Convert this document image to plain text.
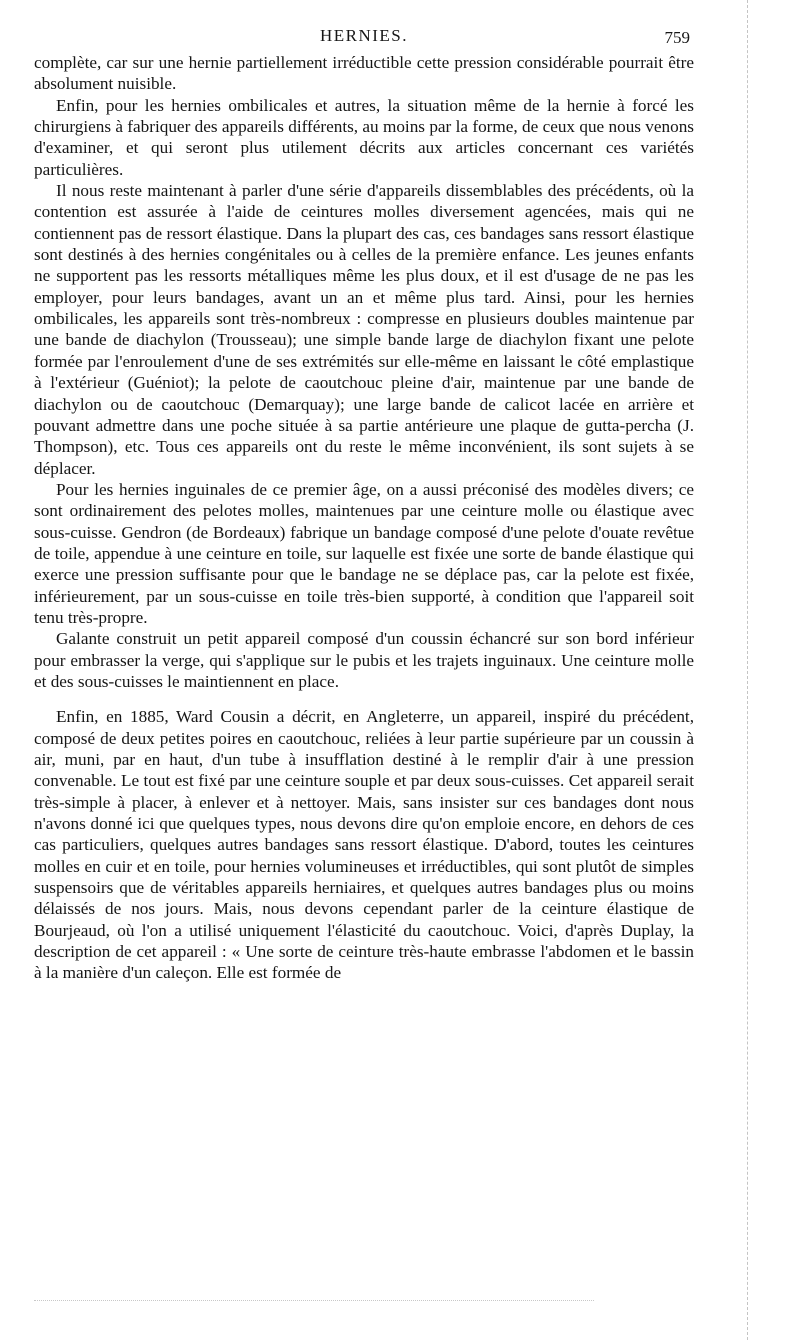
HERNIES.	759

complète, car sur une hernie partiellement irréductible cette pression considérable pourrait être absolument nuisible.

Enfin, pour les hernies ombilicales et autres, la situation même de la hernie à forcé les chirurgiens à fabriquer des appareils différents, au moins par la forme, de ceux que nous venons d'examiner, et qui seront plus utilement décrits aux articles concernant ces variétés particulières.

Il nous reste maintenant à parler d'une série d'appareils dissemblables des précédents, où la contention est assurée à l'aide de ceintures molles diversement agencées, mais qui ne contiennent pas de ressort élastique. Dans la plupart des cas, ces bandages sans ressort élastique sont destinés à des hernies congénitales ou à celles de la première enfance. Les jeunes enfants ne supportent pas les ressorts métalliques même les plus doux, et il est d'usage de ne pas les employer, pour leurs bandages, avant un an et même plus tard. Ainsi, pour les hernies ombilicales, les appareils sont très-nombreux : compresse en plusieurs doubles maintenue par une bande de diachylon (Trousseau); une simple bande large de diachylon fixant une pelote formée par l'enroulement d'une de ses extrémités sur elle-même en laissant le côté emplastique à l'extérieur (Guéniot); la pelote de caoutchouc pleine d'air, maintenue par une bande de diachylon ou de caoutchouc (Demarquay); une large bande de calicot lacée en arrière et pouvant admettre dans une poche située à sa partie antérieure une plaque de gutta-percha (J. Thompson), etc. Tous ces appareils ont du reste le même inconvénient, ils sont sujets à se déplacer.

Pour les hernies inguinales de ce premier âge, on a aussi préconisé des modèles divers; ce sont ordinairement des pelotes molles, maintenues par une ceinture molle ou élastique avec sous-cuisse. Gendron (de Bordeaux) fabrique un bandage composé d'une pelote d'ouate revêtue de toile, appendue à une ceinture en toile, sur laquelle est fixée une sorte de bande élastique qui exerce une pression suffisante pour que le bandage ne se déplace pas, car la pelote est fixée, inférieurement, par un sous-cuisse en toile très-bien supporté, à condition que l'appareil soit tenu très-propre.

Galante construit un petit appareil composé d'un coussin échancré sur son bord inférieur pour embrasser la verge, qui s'applique sur le pubis et les trajets inguinaux. Une ceinture molle et des sous-cuisses le maintiennent en place.

Enfin, en 1885, Ward Cousin a décrit, en Angleterre, un appareil, inspiré du précédent, composé de deux petites poires en caoutchouc, reliées à leur partie supérieure par un coussin à air, muni, par en haut, d'un tube à insufflation destiné à le remplir d'air à une pression convenable. Le tout est fixé par une ceinture souple et par deux sous-cuisses. Cet appareil serait très-simple à placer, à enlever et à nettoyer. Mais, sans insister sur ces bandages dont nous n'avons donné ici que quelques types, nous devons dire qu'on emploie encore, en dehors de ces cas particuliers, quelques autres bandages sans ressort élastique. D'abord, toutes les ceintures molles en cuir et en toile, pour hernies volumineuses et irréductibles, qui sont plutôt de simples suspensoirs que de véritables appareils herniaires, et quelques autres bandages plus ou moins délaissés de nos jours. Mais, nous devons cependant parler de la ceinture élastique de Bourjeaud, où l'on a utilisé uniquement l'élasticité du caoutchouc. Voici, d'après Duplay, la description de cet appareil : « Une sorte de ceinture très-haute embrasse l'abdomen et le bassin à la manière d'un caleçon. Elle est formée de
